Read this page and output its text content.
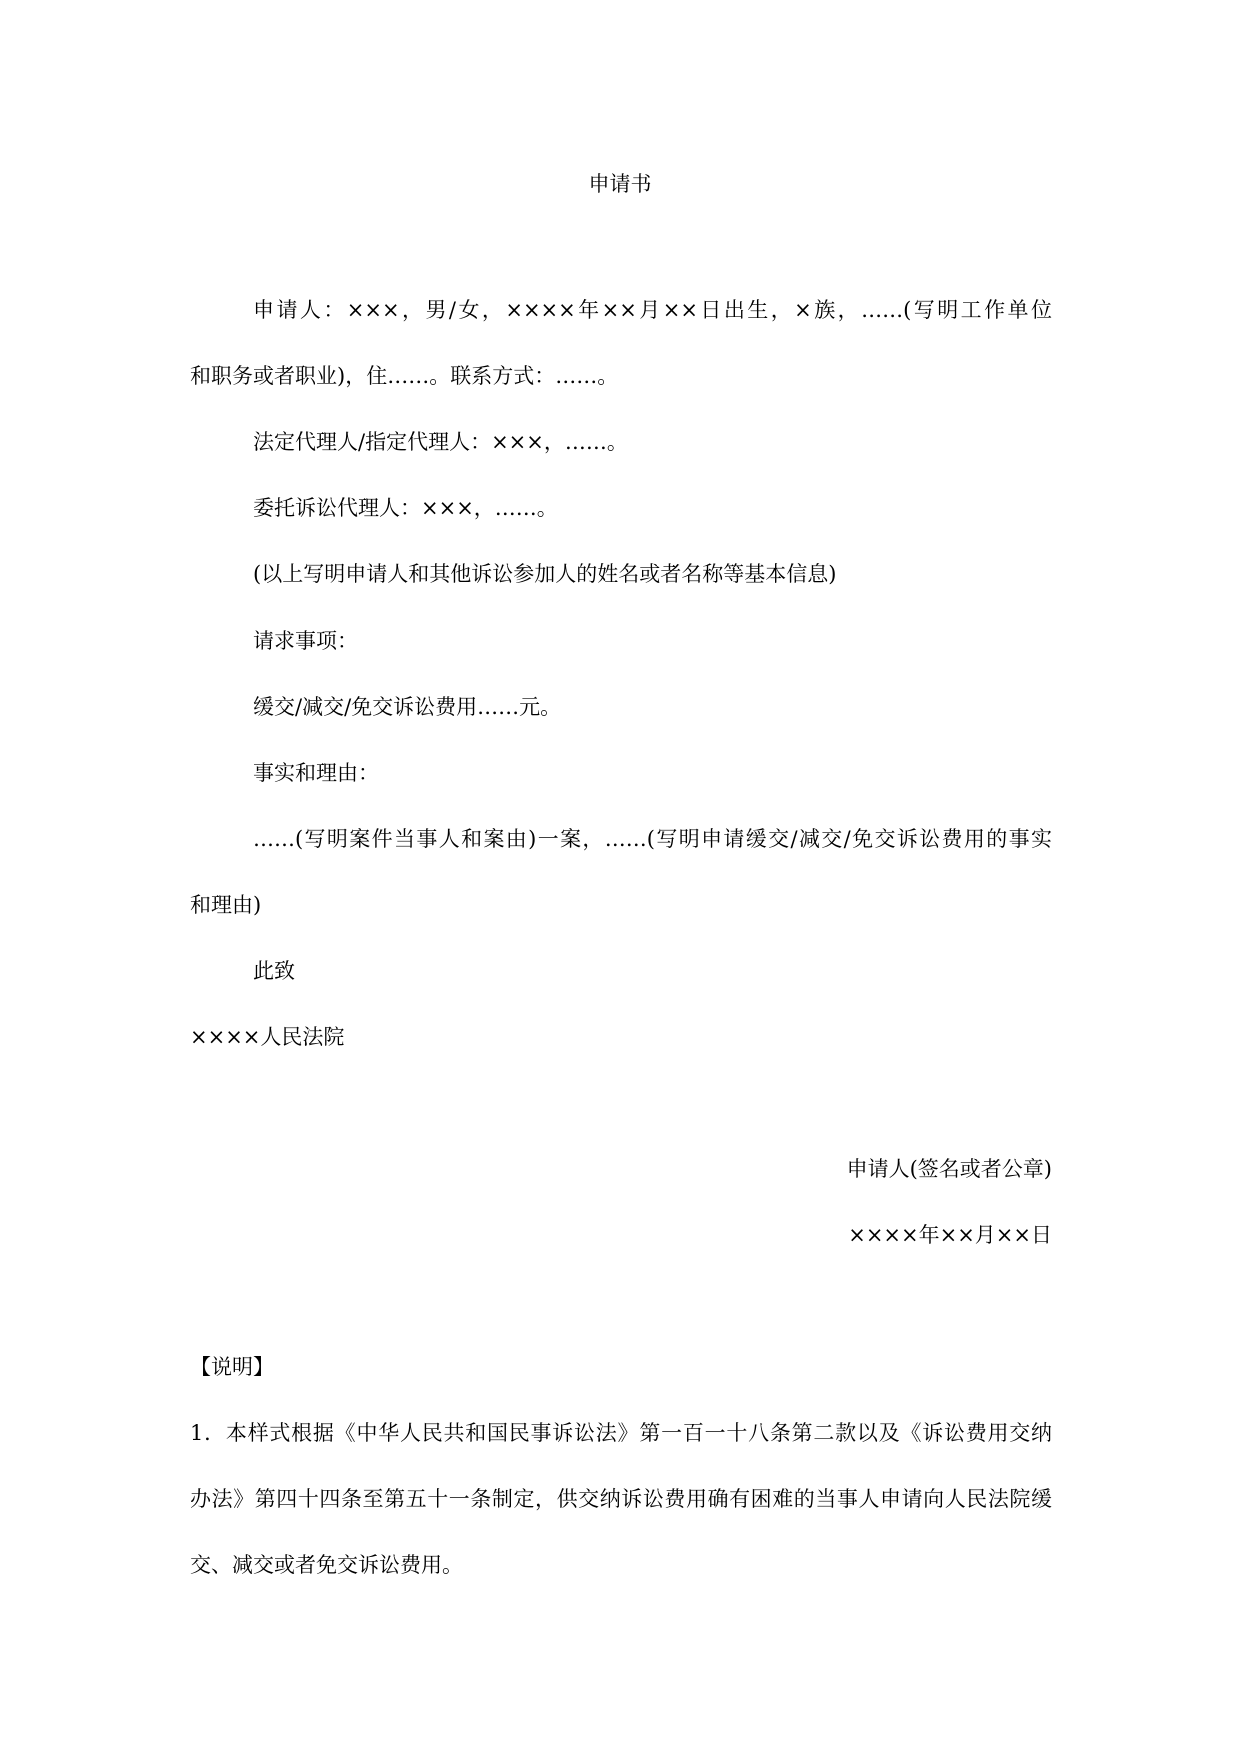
申请书
申请人：×××，男/女，××××年××月××日出生，×族，……(写明工作单位
和职务或者职业)，住……。联系方式：……。
法定代理人/指定代理人：×××，……。
委托诉讼代理人：×××，……。
(以上写明申请人和其他诉讼参加人的姓名或者名称等基本信息)
请求事项：
缓交/减交/免交诉讼费用……元。
事实和理由：
……(写明案件当事人和案由)一案，……(写明申请缓交/减交/免交诉讼费用的事实
和理由)
此致
××××人民法院
申请人(签名或者公章)
××××年××月××日
【说明】
1．本样式根据《中华人民共和国民事诉讼法》第一百一十八条第二款以及《诉讼费用交纳
办法》第四十四条至第五十一条制定，供交纳诉讼费用确有困难的当事人申请向人民法院缓
交、减交或者免交诉讼费用。
